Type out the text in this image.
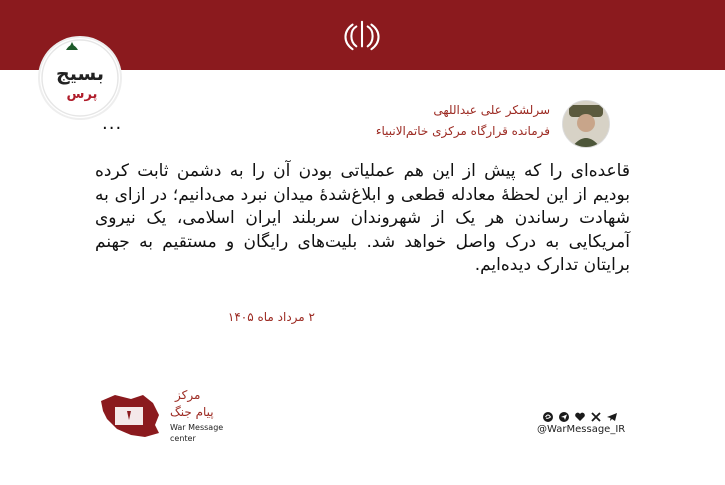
بسیج
پرس
سرلشکر علی عبداللهی
فرمانده قرارگاه مرکزی خاتم‌الانبیاء
...
قاعده‌ای را که پیش از این هم عملیاتی بودن آن را به دشمن ثابت کرده بودیم از این لحظهٔ معادله قطعی و ابلاغ‌شدهٔ میدان نبرد می‌دانیم؛ در ازای به شهادت رساندن هر یک از شهروندان سربلند ایران اسلامی، یک نیروی آمریکایی به درک واصل خواهد شد. بلیت‌های رایگان و مستقیم به جهنم برایتان تدارک دیده‌ایم.
۲ مرداد ماه ۱۴۰۵
مرکز
پیام جنگ
War Message
center
@WarMessage_IR
